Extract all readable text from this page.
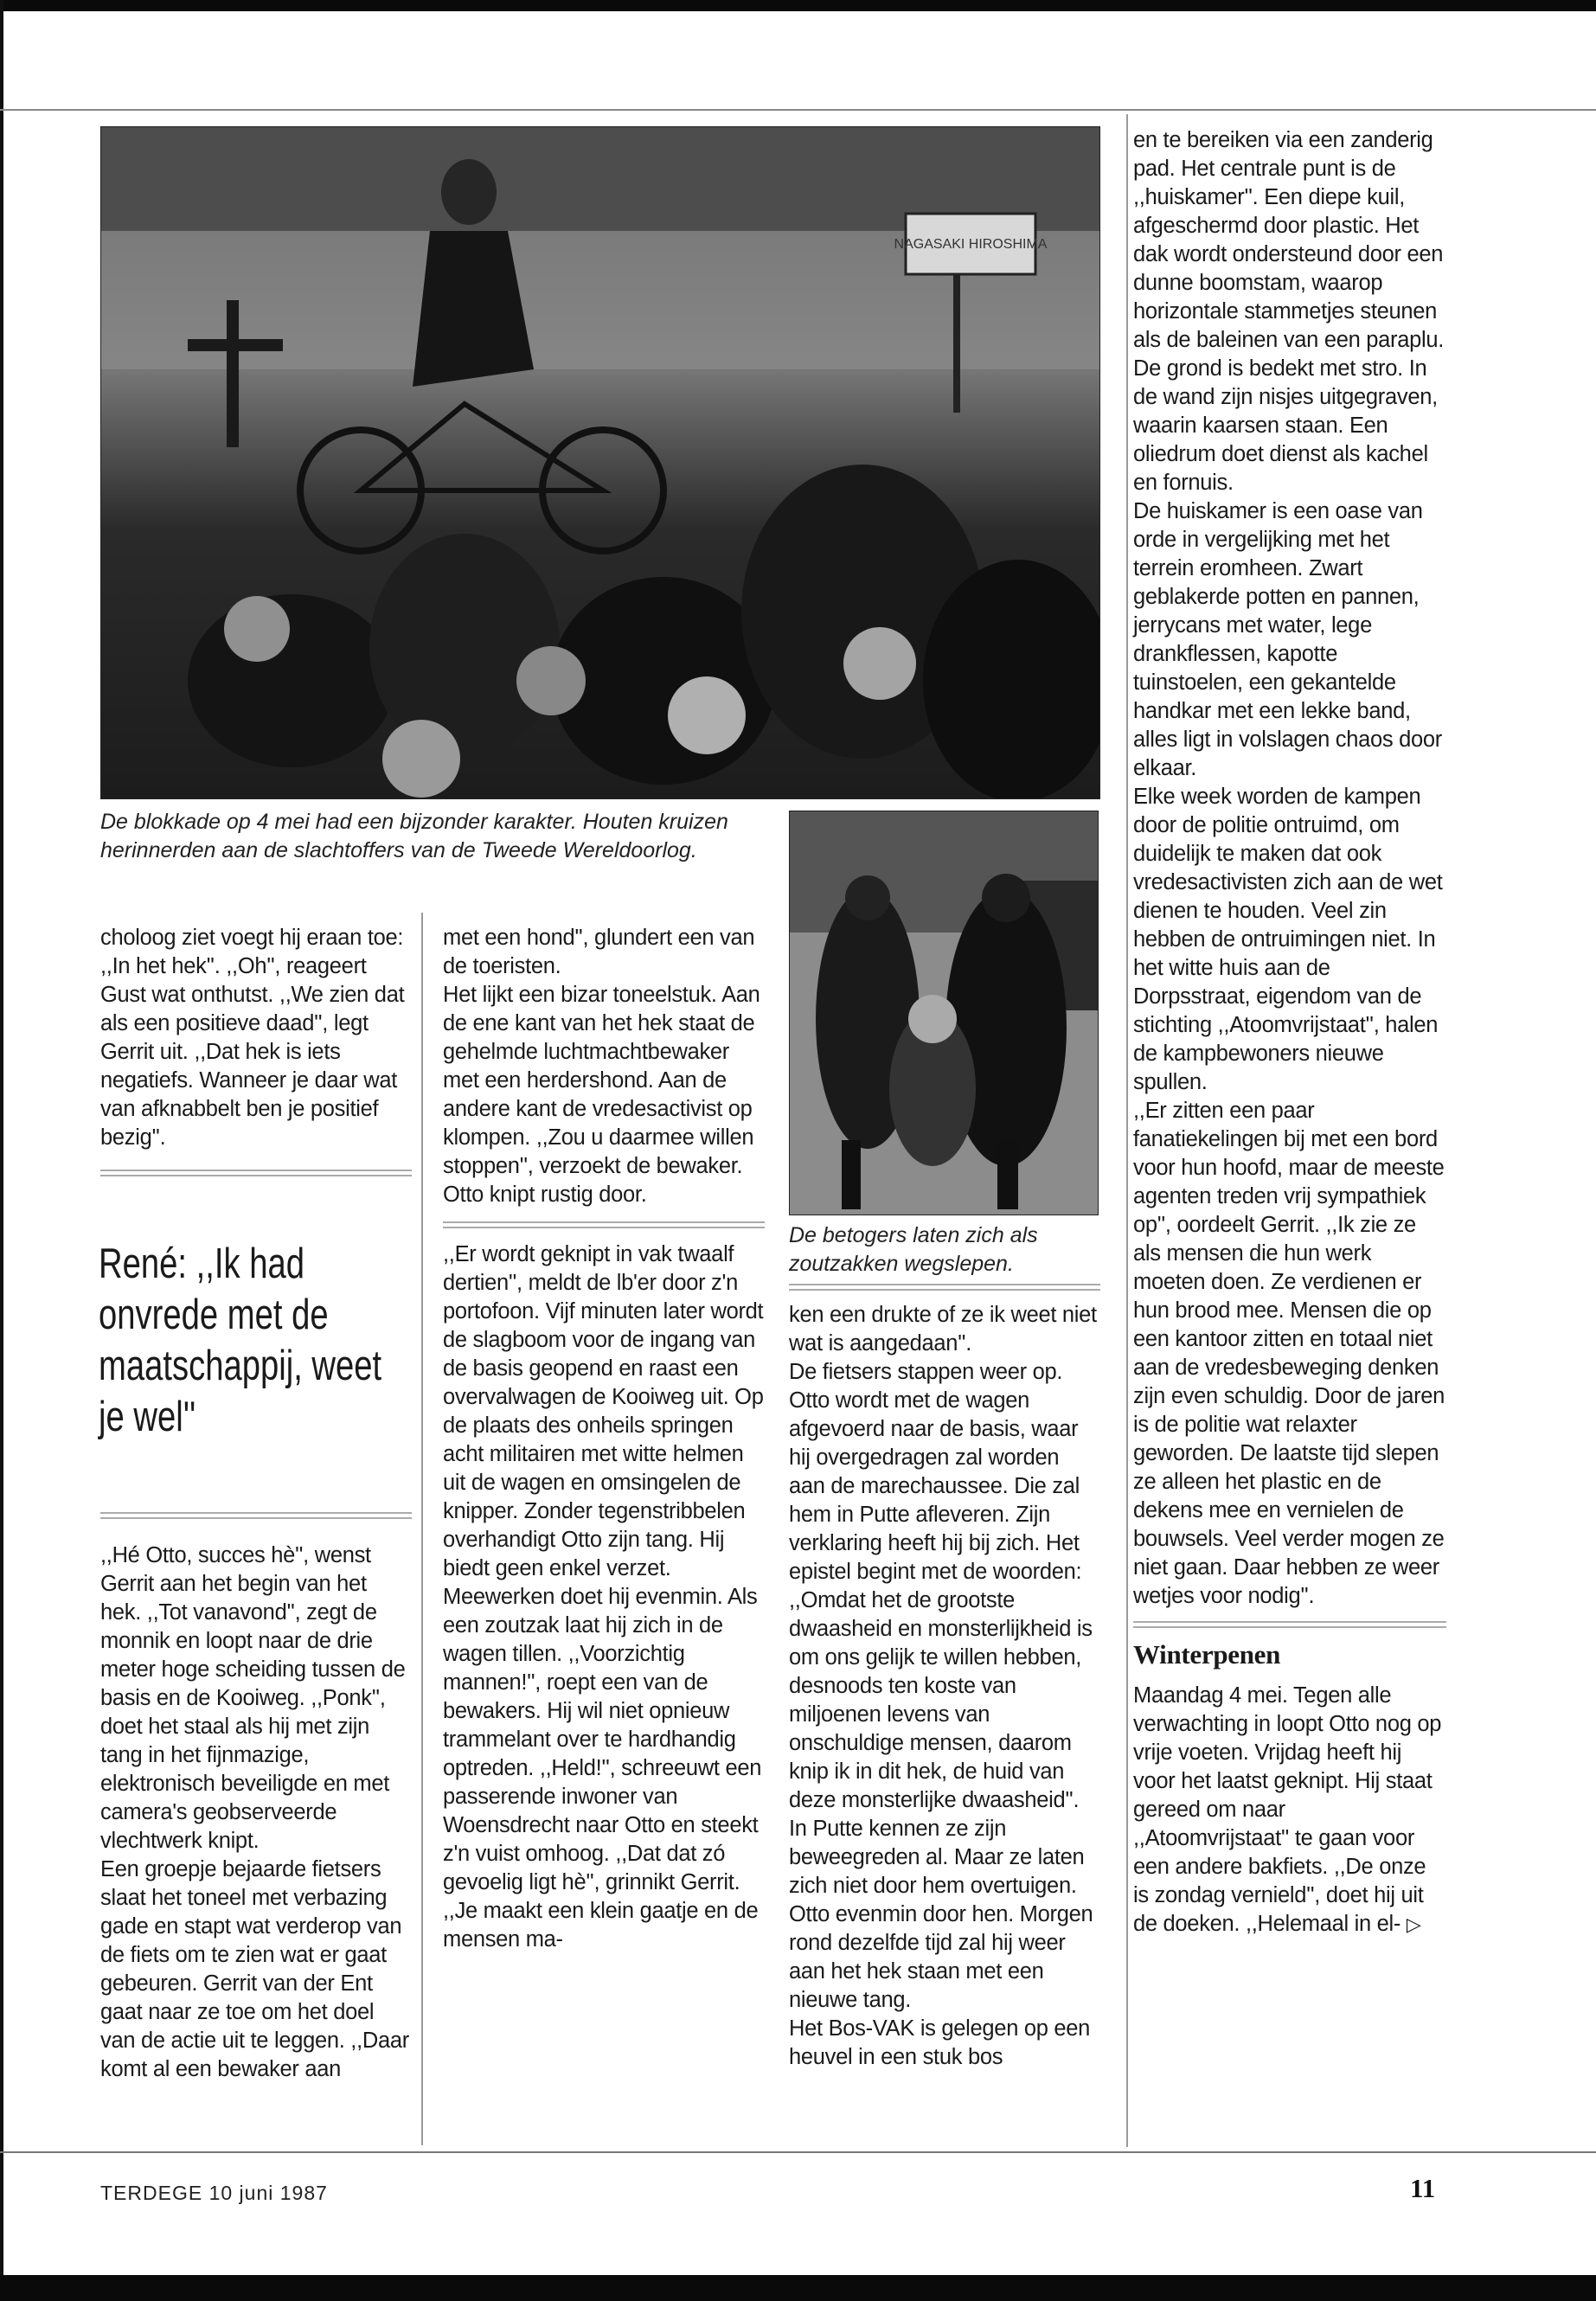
NAGASAKI HIROSHIMA

De blokkade op 4 mei had een bijzonder karakter. Houten kruizen herinnerden aan de slachtoffers van de Tweede Wereldoorlog.

De betogers laten zich als zoutzakken wegslepen.

choloog ziet voegt hij eraan toe: ,,In het hek''. ,,Oh'', reageert Gust wat onthutst. ,,We zien dat als een positieve daad'', legt Gerrit uit. ,,Dat hek is iets negatiefs. Wanneer je daar wat van afknabbelt ben je positief bezig''.

René: ,,Ik had onvrede met de maatschappij, weet je wel''

,,Hé Otto, succes hè'', wenst Gerrit aan het begin van het hek. ,,Tot vanavond'', zegt de monnik en loopt naar de drie meter hoge scheiding tussen de basis en de Kooiweg. ,,Ponk'', doet het staal als hij met zijn tang in het fijnmazige, elektronisch beveiligde en met camera's geobserveerde vlechtwerk knipt.

Een groepje bejaarde fietsers slaat het toneel met verbazing gade en stapt wat verderop van de fiets om te zien wat er gaat gebeuren. Gerrit van der Ent gaat naar ze toe om het doel van de actie uit te leggen. ,,Daar komt al een bewaker aan

met een hond'', glundert een van de toeristen.

Het lijkt een bizar toneelstuk. Aan de ene kant van het hek staat de gehelmde luchtmachtbewaker met een herdershond. Aan de andere kant de vredesactivist op klompen. ,,Zou u daarmee willen stoppen'', verzoekt de bewaker. Otto knipt rustig door.

,,Er wordt geknipt in vak twaalf dertien'', meldt de lb'er door z'n portofoon. Vijf minuten later wordt de slagboom voor de ingang van de basis geopend en raast een overvalwagen de Kooiweg uit. Op de plaats des onheils springen acht militairen met witte helmen uit de wagen en omsingelen de knipper. Zonder tegenstribbelen overhandigt Otto zijn tang. Hij biedt geen enkel verzet.

Meewerken doet hij evenmin. Als een zoutzak laat hij zich in de wagen tillen. ,,Voorzichtig mannen!'', roept een van de bewakers. Hij wil niet opnieuw trammelant over te hardhandig optreden. ,,Held!'', schreeuwt een passerende inwoner van Woensdrecht naar Otto en steekt z'n vuist omhoog. ,,Dat dat zó gevoelig ligt hè'', grinnikt Gerrit. ,,Je maakt een klein gaatje en de mensen ma-

ken een drukte of ze ik weet niet wat is aangedaan''.

De fietsers stappen weer op. Otto wordt met de wagen afgevoerd naar de basis, waar hij overgedragen zal worden aan de marechaussee. Die zal hem in Putte afleveren. Zijn verklaring heeft hij bij zich. Het epistel begint met de woorden: ,,Omdat het de grootste dwaasheid en monsterlijkheid is om ons gelijk te willen hebben, desnoods ten koste van miljoenen levens van onschuldige mensen, daarom knip ik in dit hek, de huid van deze monsterlijke dwaasheid''. In Putte kennen ze zijn beweegreden al. Maar ze laten zich niet door hem overtuigen. Otto evenmin door hen. Morgen rond dezelfde tijd zal hij weer aan het hek staan met een nieuwe tang.

Het Bos-VAK is gelegen op een heuvel in een stuk bos

en te bereiken via een zanderig pad. Het centrale punt is de ,,huiskamer''. Een diepe kuil, afgeschermd door plastic. Het dak wordt ondersteund door een dunne boomstam, waarop horizontale stammetjes steunen als de baleinen van een paraplu. De grond is bedekt met stro. In de wand zijn nisjes uitgegraven, waarin kaarsen staan. Een oliedrum doet dienst als kachel en fornuis.

De huiskamer is een oase van orde in vergelijking met het terrein eromheen. Zwart geblakerde potten en pannen, jerrycans met water, lege drankflessen, kapotte tuinstoelen, een gekantelde handkar met een lekke band, alles ligt in volslagen chaos door elkaar.

Elke week worden de kampen door de politie ontruimd, om duidelijk te maken dat ook vredesactivisten zich aan de wet dienen te houden. Veel zin hebben de ontruimingen niet. In het witte huis aan de Dorpsstraat, eigendom van de stichting ,,Atoomvrijstaat'', halen de kampbewoners nieuwe spullen.

,,Er zitten een paar fanatiekelingen bij met een bord voor hun hoofd, maar de meeste agenten treden vrij sympathiek op'', oordeelt Gerrit. ,,Ik zie ze als mensen die hun werk moeten doen. Ze verdienen er hun brood mee. Mensen die op een kantoor zitten en totaal niet aan de vredesbeweging denken zijn even schuldig. Door de jaren is de politie wat relaxter geworden. De laatste tijd slepen ze alleen het plastic en de dekens mee en vernielen de bouwsels. Veel verder mogen ze niet gaan. Daar hebben ze weer wetjes voor nodig''.

Winterpenen

Maandag 4 mei. Tegen alle verwachting in loopt Otto nog op vrije voeten. Vrijdag heeft hij voor het laatst geknipt. Hij staat gereed om naar ,,Atoomvrijstaat'' te gaan voor een andere bakfiets. ,,De onze is zondag vernield'', doet hij uit de doeken. ,,Helemaal in el- ▷

TERDEGE 10 juni 1987	11
